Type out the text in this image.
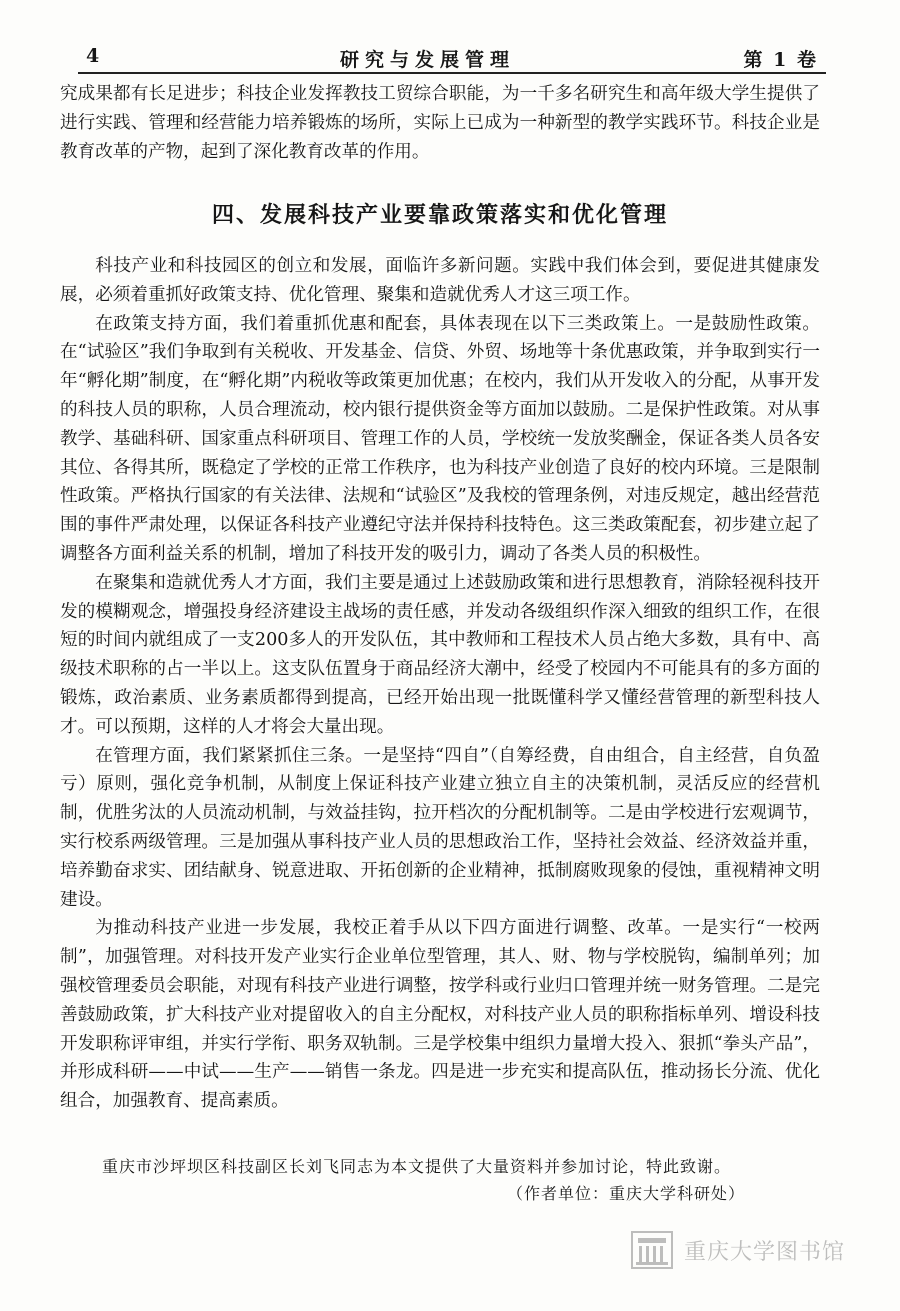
4	研究与发展管理	第 1 卷

究成果都有长足进步；科技企业发挥教技工贸综合职能，为一千多名研究生和高年级大学生提供了进行实践、管理和经营能力培养锻炼的场所，实际上已成为一种新型的教学实践环节。科技企业是教育改革的产物，起到了深化教育改革的作用。

四、发展科技产业要靠政策落实和优化管理

科技产业和科技园区的创立和发展，面临许多新问题。实践中我们体会到，要促进其健康发展，必须着重抓好政策支持、优化管理、聚集和造就优秀人才这三项工作。

在政策支持方面，我们着重抓优惠和配套，具体表现在以下三类政策上。一是鼓励性政策。在“试验区”我们争取到有关税收、开发基金、信贷、外贸、场地等十条优惠政策，并争取到实行一年“孵化期”制度，在“孵化期”内税收等政策更加优惠；在校内，我们从开发收入的分配，从事开发的科技人员的职称，人员合理流动，校内银行提供资金等方面加以鼓励。二是保护性政策。对从事教学、基础科研、国家重点科研项目、管理工作的人员，学校统一发放奖酬金，保证各类人员各安其位、各得其所，既稳定了学校的正常工作秩序，也为科技产业创造了良好的校内环境。三是限制性政策。严格执行国家的有关法律、法规和“试验区”及我校的管理条例，对违反规定，越出经营范围的事件严肃处理，以保证各科技产业遵纪守法并保持科技特色。这三类政策配套，初步建立起了调整各方面利益关系的机制，增加了科技开发的吸引力，调动了各类人员的积极性。

在聚集和造就优秀人才方面，我们主要是通过上述鼓励政策和进行思想教育，消除轻视科技开发的模糊观念，增强投身经济建设主战场的责任感，并发动各级组织作深入细致的组织工作，在很短的时间内就组成了一支200多人的开发队伍，其中教师和工程技术人员占绝大多数，具有中、高级技术职称的占一半以上。这支队伍置身于商品经济大潮中，经受了校园内不可能具有的多方面的锻炼，政治素质、业务素质都得到提高，已经开始出现一批既懂科学又懂经营管理的新型科技人才。可以预期，这样的人才将会大量出现。

在管理方面，我们紧紧抓住三条。一是坚持“四自”（自筹经费，自由组合，自主经营，自负盈亏）原则，强化竞争机制，从制度上保证科技产业建立独立自主的决策机制，灵活反应的经营机制，优胜劣汰的人员流动机制，与效益挂钩，拉开档次的分配机制等。二是由学校进行宏观调节，实行校系两级管理。三是加强从事科技产业人员的思想政治工作，坚持社会效益、经济效益并重，培养勤奋求实、团结献身、锐意进取、开拓创新的企业精神，抵制腐败现象的侵蚀，重视精神文明建设。

为推动科技产业进一步发展，我校正着手从以下四方面进行调整、改革。一是实行“一校两制”，加强管理。对科技开发产业实行企业单位型管理，其人、财、物与学校脱钩，编制单列；加强校管理委员会职能，对现有科技产业进行调整，按学科或行业归口管理并统一财务管理。二是完善鼓励政策，扩大科技产业对提留收入的自主分配权，对科技产业人员的职称指标单列、增设科技开发职称评审组，并实行学衔、职务双轨制。三是学校集中组织力量增大投入、狠抓“拳头产品”，并形成科研——中试——生产——销售一条龙。四是进一步充实和提高队伍，推动扬长分流、优化组合，加强教育、提高素质。

重庆市沙坪坝区科技副区长刘飞同志为本文提供了大量资料并参加讨论，特此致谢。

（作者单位：重庆大学科研处）

重庆大学图书馆
